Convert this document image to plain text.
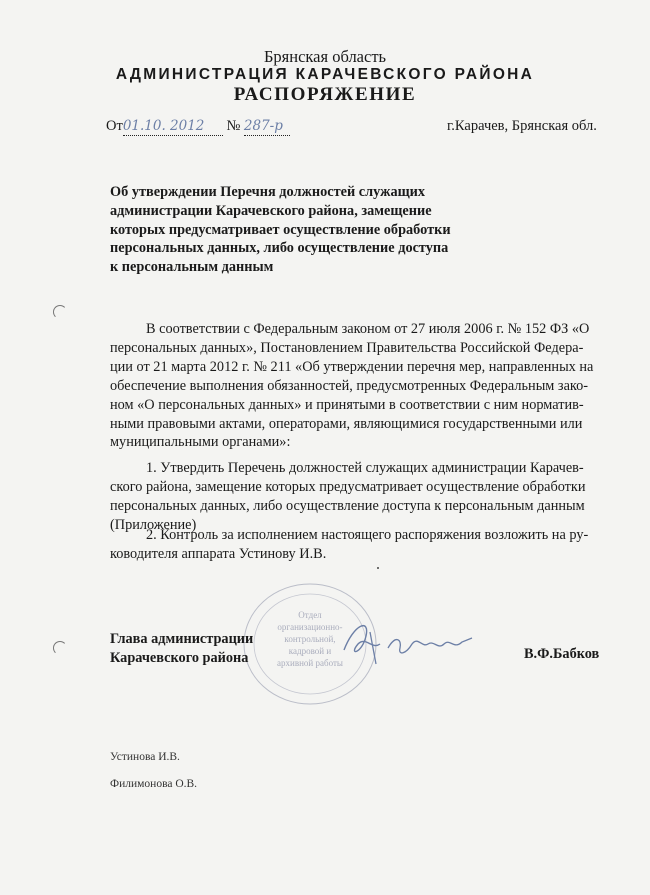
Брянская область
АДМИНИСТРАЦИЯ КАРАЧЕВСКОГО РАЙОНА
РАСПОРЯЖЕНИЕ
От01.10. 2012 № 287-р	г.Карачев, Брянская обл.
Об утверждении Перечня должностей служащих
администрации Карачевского района, замещение
которых предусматривает осуществление обработки
персональных данных, либо осуществление доступа
к персональным данным
В соответствии с Федеральным законом от 27 июля 2006 г. № 152 ФЗ «О
персональных данных», Постановлением Правительства Российской Федера-
ции от 21 марта 2012 г. № 211 «Об утверждении перечня мер, направленных на
обеспечение выполнения обязанностей, предусмотренных Федеральным зако-
ном «О персональных данных» и принятыми в соответствии с ним норматив-
ными правовыми актами, операторами, являющимися государственными или
муниципальными органами»:
1. Утвердить Перечень должностей служащих администрации Карачев-
ского района, замещение которых предусматривает осуществление обработки
персональных данных, либо осуществление доступа к персональным данным
(Приложение)
2. Контроль за исполнением настоящего распоряжения возложить на ру-
ководителя аппарата Устинову И.В.
Отдел
организационно-
контрольной,
кадровой и
архивной работы
Глава администрации
Карачевского района	В.Ф.Бабков
Устинова И.В.
Филимонова О.В.
